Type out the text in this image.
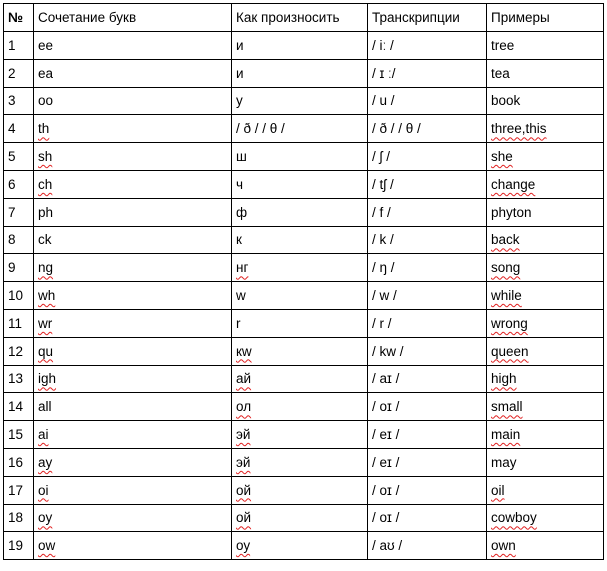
№	Сочетание букв	Как произносить	Транскрипции	Примеры
1	ee	и	/ iː /	tree
2	ea	и	/ ɪ ː/	tea
3	oo	у	/ u /	book
4	th	/ ð / / θ /	/ ð / / θ /	three,this
5	sh	ш	/ ʃ /	she
6	ch	ч	/ tʃ /	change
7	ph	ф	/ f /	phyton
8	ck	к	/ k /	back
9	ng	нг	/ ŋ /	song
10	wh	w	/ w /	while
11	wr	r	/ r /	wrong
12	qu	кw	/ kw /	queen
13	igh	ай	/ aɪ /	high
14	all	ол	/ oɪ /	small
15	ai	эй	/ eɪ /	main
16	ay	эй	/ eɪ /	may
17	oi	ой	/ oɪ /	oil
18	oy	ой	/ oɪ /	cowboy
19	ow	оу	/ aʊ /	own
